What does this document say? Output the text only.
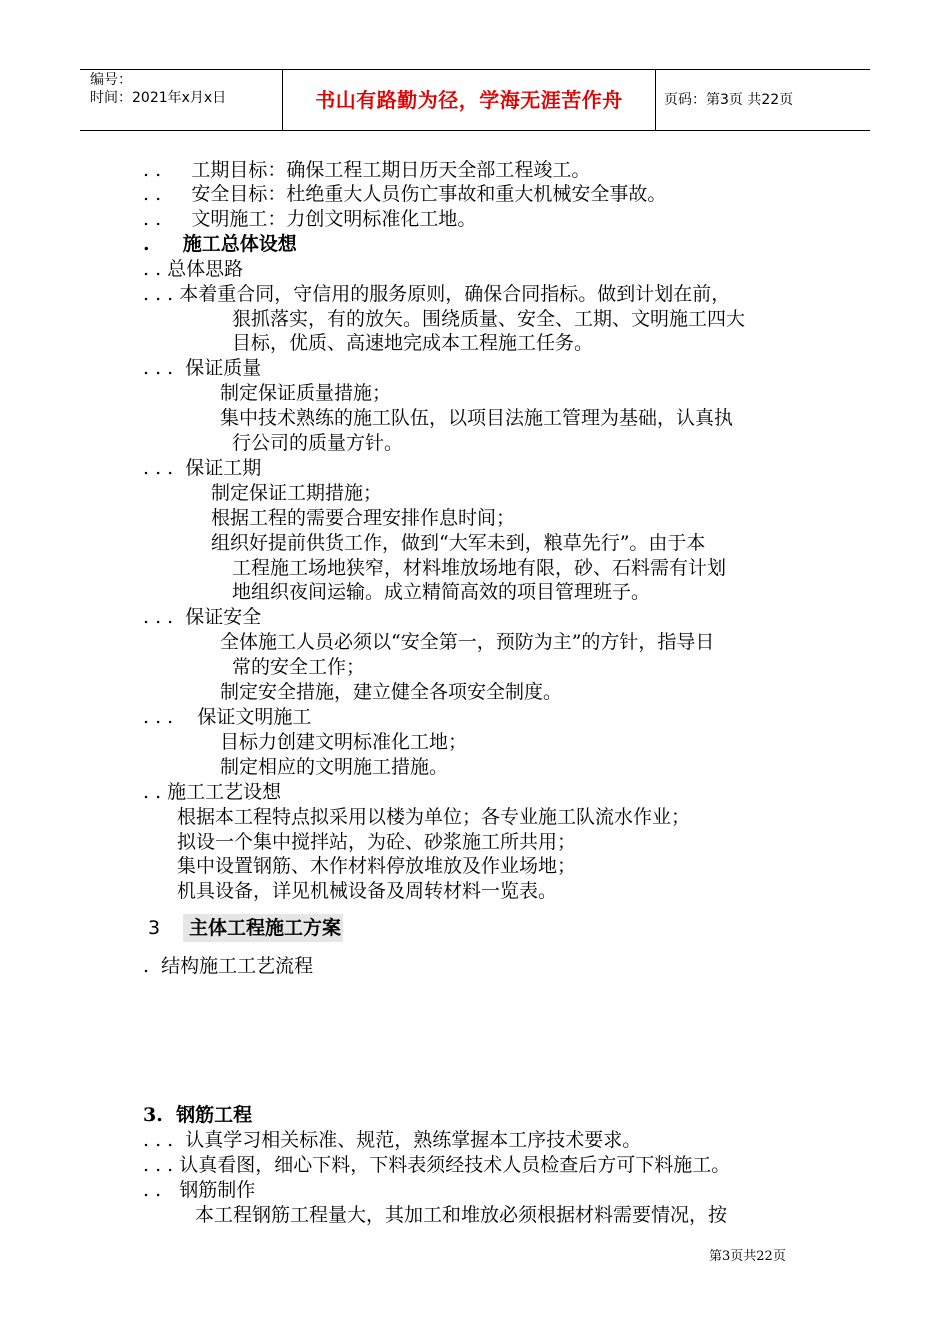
编号：
时间：2021年x月x日	书山有路勤为径，学海无涯苦作舟	页码：第3页 共22页
. .     工期目标：确保工程工期日历天全部工程竣工。
. .     安全目标：杜绝重大人员伤亡事故和重大机械安全事故。
. .     文明施工：力创文明标准化工地。
.     施工总体设想
. . 总体思路
. . . 本着重合同，守信用的服务原则，确保合同指标。做到计划在前，
狠抓落实，有的放矢。围绕质量、安全、工期、文明施工四大
目标，优质、高速地完成本工程施工任务。
. . .  保证质量
制定保证质量措施；
集中技术熟练的施工队伍，以项目法施工管理为基础，认真执
行公司的质量方针。
. . .  保证工期
制定保证工期措施；
根据工程的需要合理安排作息时间；
组织好提前供货工作，做到“大军未到，粮草先行”。由于本
工程施工场地狭窄，材料堆放场地有限，砂、石料需有计划
地组织夜间运输。成立精简高效的项目管理班子。
. . .  保证安全
全体施工人员必须以“安全第一，预防为主”的方针，指导日
常的安全工作；
制定安全措施，建立健全各项安全制度。
. . .    保证文明施工
目标力创建文明标准化工地；
制定相应的文明施工措施。
. . 施工工艺设想
根据本工程特点拟采用以楼为单位；各专业施工队流水作业；
拟设一个集中搅拌站，为砼、砂浆施工所共用；
集中设置钢筋、木作材料停放堆放及作业场地；
机具设备，详见机械设备及周转材料一览表。
3	主体工程施工方案
.  结构施工工艺流程
3.  钢筋工程
. . .  认真学习相关标准、规范，熟练掌握本工序技术要求。
. . . 认真看图，细心下料，下料表须经技术人员检查后方可下料施工。
. .   钢筋制作
本工程钢筋工程量大，其加工和堆放必须根据材料需要情况，按
第3页共22页
